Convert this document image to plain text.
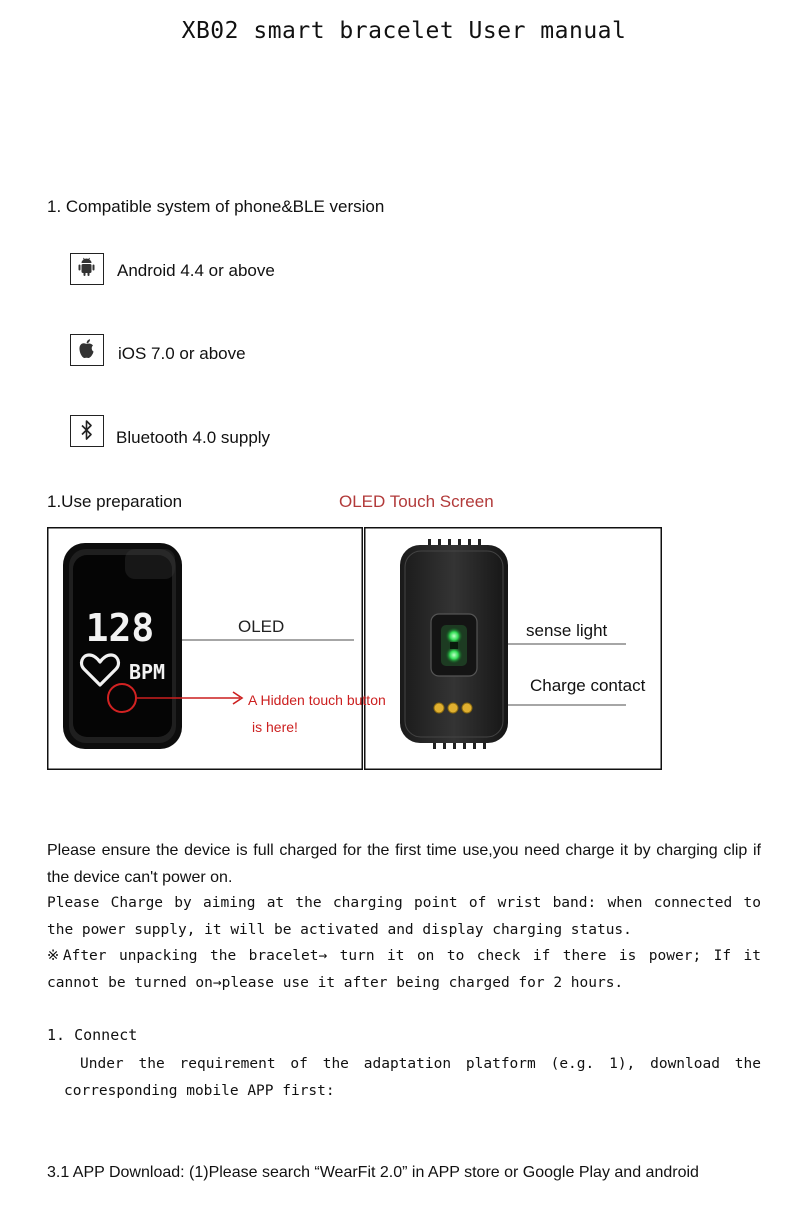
XB02 smart bracelet User manual
1. Compatible system of phone&BLE version
Android 4.4 or above
iOS 7.0 or above
Bluetooth 4.0 supply
1.Use preparation	OLED Touch Screen
128
BPM
OLED
A Hidden touch button
is here!
sense light
Charge contact
Please ensure the device is full charged for the first time use,you need charge it by charging clip if the device can't power on.
Please Charge by aiming at the charging point of wrist band: when connected to the power supply, it will be activated and display charging status.
※After unpacking the bracelet→ turn it on to check if there is power; If it cannot be turned on→please use it after being charged for 2 hours.
1. Connect
Under the requirement of the adaptation platform (e.g. 1), download the corresponding mobile APP first:
3.1 APP Download: (1)Please search “WearFit 2.0” in APP store or Google Play and android
